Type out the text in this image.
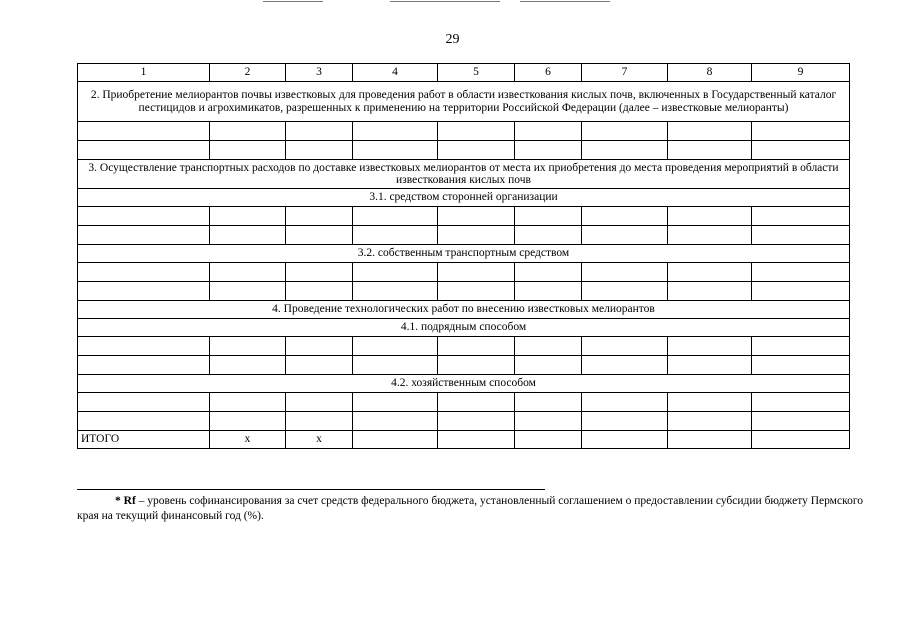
29
1	2	3	4	5	6	7	8	9
2. Приобретение мелиорантов почвы известковых для проведения работ в области известкования кислых почв, включенных в Государственный каталог пестицидов и агрохимикатов, разрешенных к применению на территории Российской Федерации (далее – известковые мелиоранты)								

3. Осуществление транспортных расходов по доставке известковых мелиорантов от места их приобретения до места проведения мероприятий в области известкования кислых почв								
3.1. средством сторонней организации								

3.2. собственным транспортным средством								

4. Проведение технологических работ по внесению известковых мелиорантов								
4.1. подрядным способом								

4.2. хозяйственным способом								

ИТОГО	x	x						

* Rf – уровень софинансирования за счет средств федерального бюджета, установленный соглашением о предоставлении субсидии бюджету Пермского края на текущий финансовый год (%).
